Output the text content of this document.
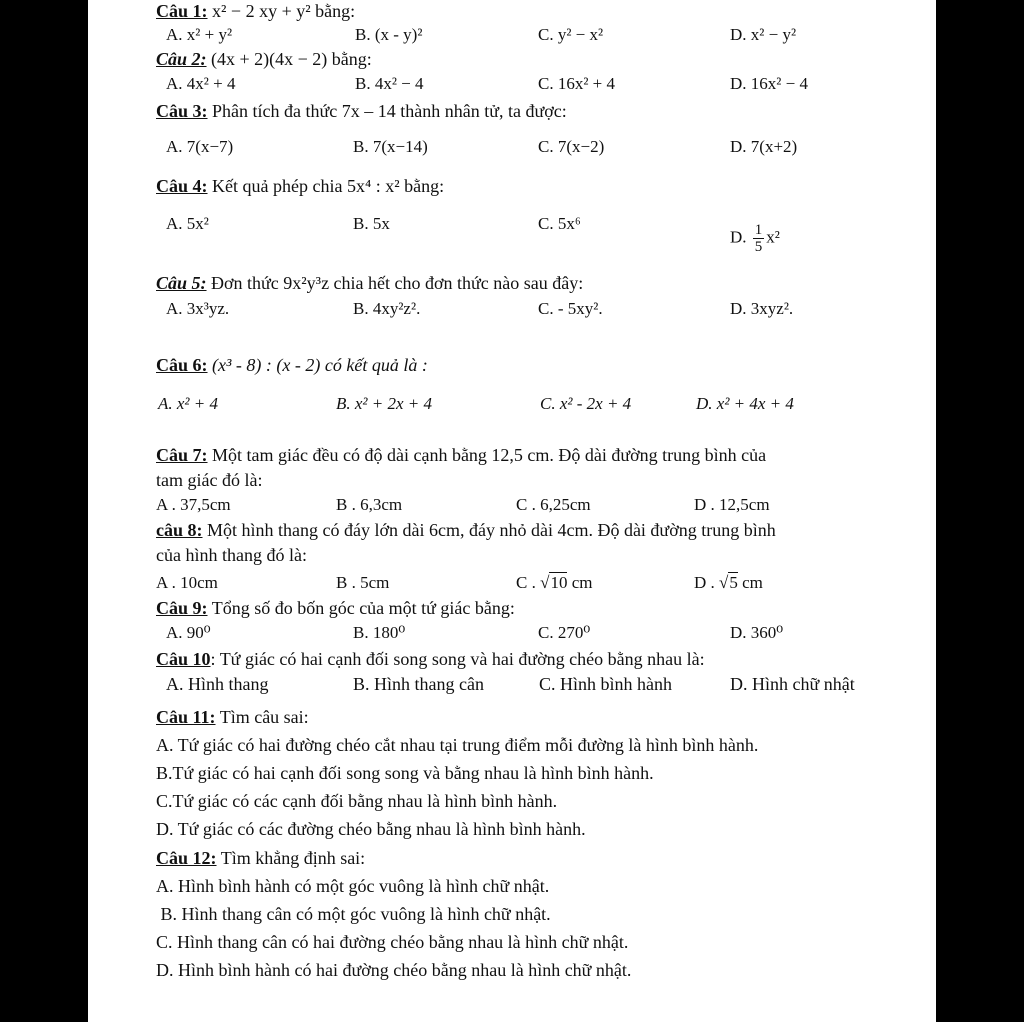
Câu 1: x² − 2 xy + y² bằng:
A. x² + y²	B. (x - y)²	C. y² − x²	D. x² − y²
Câu 2: (4x + 2)(4x − 2) bằng:
A. 4x² + 4	B. 4x² − 4	C. 16x² + 4	D. 16x² − 4
Câu 3: Phân tích đa thức 7x – 14 thành nhân tử, ta được:
A. 7(x−7)	B. 7(x−14)	C. 7(x−2)	D. 7(x+2)
Câu 4: Kết quả phép chia 5x⁴ : x² bằng:
A. 5x²	B. 5x	C. 5x⁶
D. $\frac{1}{5} x^2$
Câu 5: Đơn thức 9x²y³z chia hết cho đơn thức nào sau đây:
A. 3x³yz.	B. 4xy²z².	C. - 5xy².	D. 3xyz².
Câu 6: (x³ - 8) : (x - 2) có kết quả là :
A. x² + 4	B. x² + 2x + 4	C. x² - 2x + 4	D. x² + 4x + 4
Câu 7: Một tam giác đều có độ dài cạnh bằng 12,5 cm. Độ dài đường trung bình của
tam giác đó là:
A . 37,5cm	B . 6,3cm	C . 6,25cm	D . 12,5cm
câu 8: Một hình thang có đáy lớn dài 6cm, đáy nhỏ dài 4cm. Độ dài đường trung bình
của hình thang đó là:
A . 10cm	B . 5cm	C . √10 cm	D . √5 cm
Câu 9: Tổng số đo bốn góc của một tứ giác bằng:
A. 90⁰	B. 180⁰	C. 270⁰	D. 360⁰
Câu 10: Tứ giác có hai cạnh đối song song và hai đường chéo bằng nhau là:
A. Hình thang	B. Hình thang cân	C. Hình bình hành	D. Hình chữ nhật
Câu 11: Tìm câu sai:
A. Tứ giác có hai đường chéo cắt nhau tại trung điểm mỗi đường là hình bình hành.
B.Tứ giác có hai cạnh đối song song và bằng nhau là hình bình hành.
C.Tứ giác có các cạnh đối bằng nhau là hình bình hành.
D. Tứ giác có các đường chéo bằng nhau là hình bình hành.
Câu 12: Tìm khẳng định sai:
A. Hình bình hành có một góc vuông là hình chữ nhật.
B. Hình thang cân có một góc vuông là hình chữ nhật.
C. Hình thang cân có hai đường chéo bằng nhau là hình chữ nhật.
D. Hình bình hành có hai đường chéo bằng nhau là hình chữ nhật.
